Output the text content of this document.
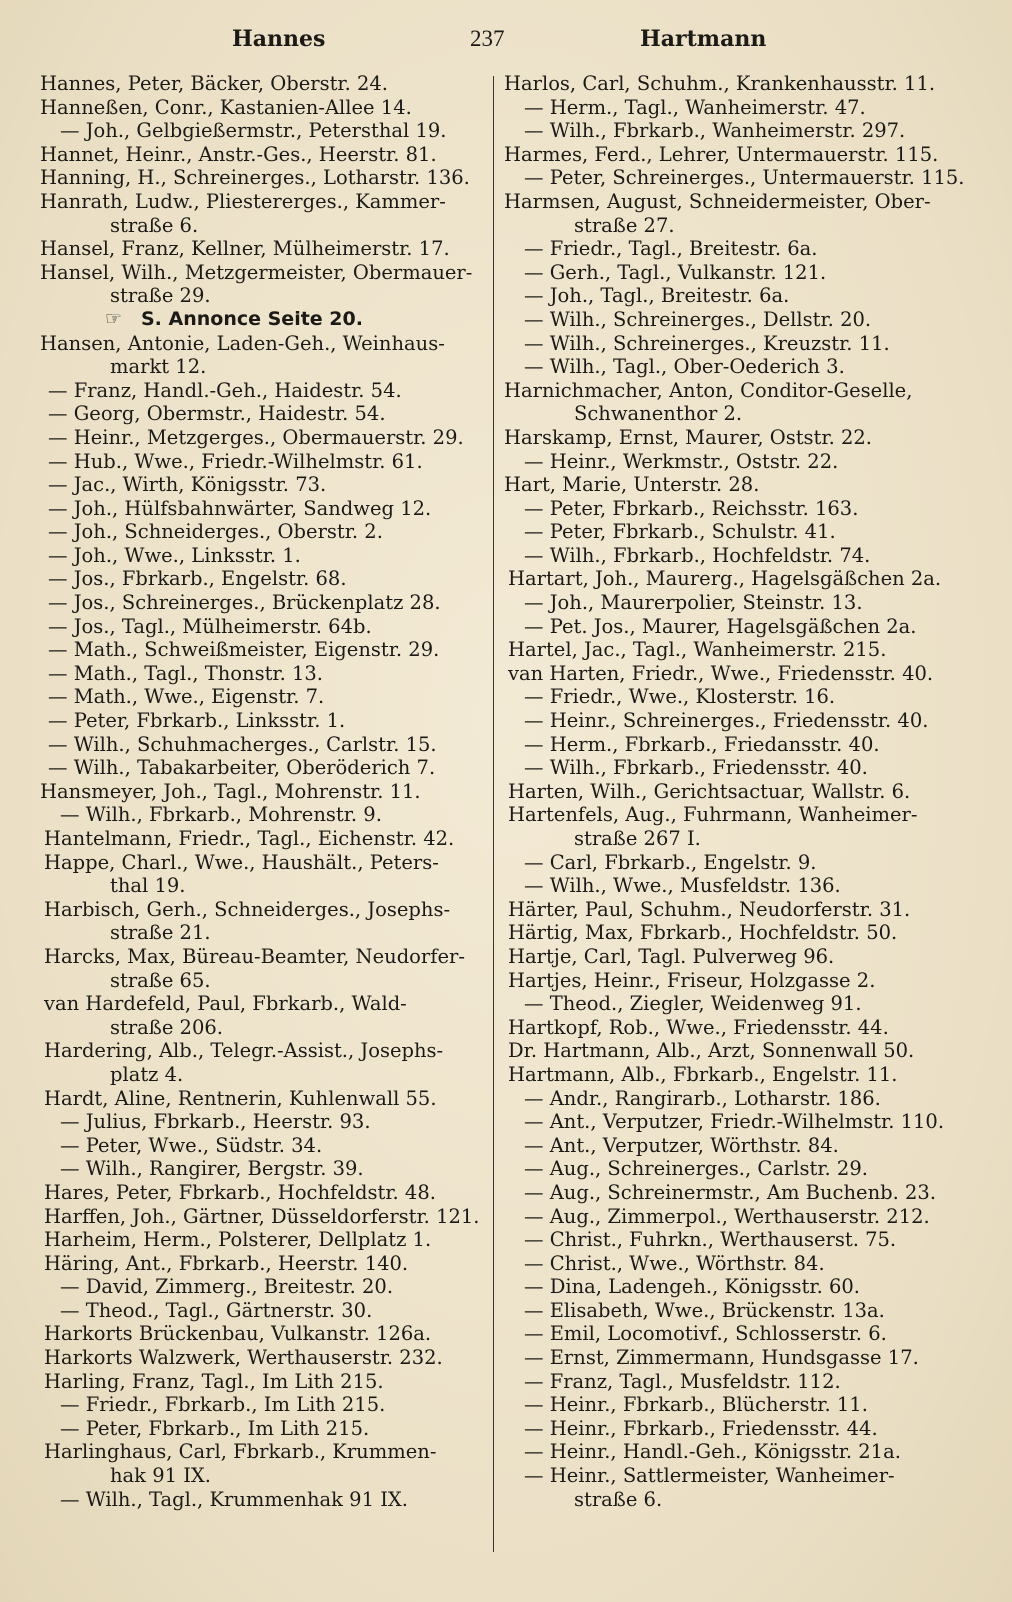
Hannes	237	Hartmann
Hannes, Peter, Bäcker, Oberstr. 24.
Hanneßen, Conr., Kastanien-Allee 14.
— Joh., Gelbgießermstr., Petersthal 19.
Hannet, Heinr., Anstr.-Ges., Heerstr. 81.
Hanning, H., Schreinerges., Lotharstr. 136.
Hanrath, Ludw., Pliestererges., Kammer-
straße 6.
Hansel, Franz, Kellner, Mülheimerstr. 17.
Hansel, Wilh., Metzgermeister, Obermauer-
straße 29.
☞ S. Annonce Seite 20.
Hansen, Antonie, Laden-Geh., Weinhaus-
markt 12.
— Franz, Handl.-Geh., Haidestr. 54.
— Georg, Obermstr., Haidestr. 54.
— Heinr., Metzgerges., Obermauerstr. 29.
— Hub., Wwe., Friedr.-Wilhelmstr. 61.
— Jac., Wirth, Königsstr. 73.
— Joh., Hülfsbahnwärter, Sandweg 12.
— Joh., Schneiderges., Oberstr. 2.
— Joh., Wwe., Linksstr. 1.
— Jos., Fbrkarb., Engelstr. 68.
— Jos., Schreinerges., Brückenplatz 28.
— Jos., Tagl., Mülheimerstr. 64b.
— Math., Schweißmeister, Eigenstr. 29.
— Math., Tagl., Thonstr. 13.
— Math., Wwe., Eigenstr. 7.
— Peter, Fbrkarb., Linksstr. 1.
— Wilh., Schuhmacherges., Carlstr. 15.
— Wilh., Tabakarbeiter, Oberöderich 7.
Hansmeyer, Joh., Tagl., Mohrenstr. 11.
— Wilh., Fbrkarb., Mohrenstr. 9.
Hantelmann, Friedr., Tagl., Eichenstr. 42.
Happe, Charl., Wwe., Haushält., Peters-
thal 19.
Harbisch, Gerh., Schneiderges., Josephs-
straße 21.
Harcks, Max, Büreau-Beamter, Neudorfer-
straße 65.
van Hardefeld, Paul, Fbrkarb., Wald-
straße 206.
Hardering, Alb., Telegr.-Assist., Josephs-
platz 4.
Hardt, Aline, Rentnerin, Kuhlenwall 55.
— Julius, Fbrkarb., Heerstr. 93.
— Peter, Wwe., Südstr. 34.
— Wilh., Rangirer, Bergstr. 39.
Hares, Peter, Fbrkarb., Hochfeldstr. 48.
Harffen, Joh., Gärtner, Düsseldorferstr. 121.
Harheim, Herm., Polsterer, Dellplatz 1.
Häring, Ant., Fbrkarb., Heerstr. 140.
— David, Zimmerg., Breitestr. 20.
— Theod., Tagl., Gärtnerstr. 30.
Harkorts Brückenbau, Vulkanstr. 126a.
Harkorts Walzwerk, Werthauserstr. 232.
Harling, Franz, Tagl., Im Lith 215.
— Friedr., Fbrkarb., Im Lith 215.
— Peter, Fbrkarb., Im Lith 215.
Harlinghaus, Carl, Fbrkarb., Krummen-
hak 91 IX.
— Wilh., Tagl., Krummenhak 91 IX.
Harlos, Carl, Schuhm., Krankenhausstr. 11.
— Herm., Tagl., Wanheimerstr. 47.
— Wilh., Fbrkarb., Wanheimerstr. 297.
Harmes, Ferd., Lehrer, Untermauerstr. 115.
— Peter, Schreinerges., Untermauerstr. 115.
Harmsen, August, Schneidermeister, Ober-
straße 27.
— Friedr., Tagl., Breitestr. 6a.
— Gerh., Tagl., Vulkanstr. 121.
— Joh., Tagl., Breitestr. 6a.
— Wilh., Schreinerges., Dellstr. 20.
— Wilh., Schreinerges., Kreuzstr. 11.
— Wilh., Tagl., Ober-Oederich 3.
Harnichmacher, Anton, Conditor-Geselle,
Schwanenthor 2.
Harskamp, Ernst, Maurer, Oststr. 22.
— Heinr., Werkmstr., Oststr. 22.
Hart, Marie, Unterstr. 28.
— Peter, Fbrkarb., Reichsstr. 163.
— Peter, Fbrkarb., Schulstr. 41.
— Wilh., Fbrkarb., Hochfeldstr. 74.
Hartart, Joh., Maurerg., Hagelsgäßchen 2a.
— Joh., Maurerpolier, Steinstr. 13.
— Pet. Jos., Maurer, Hagelsgäßchen 2a.
Hartel, Jac., Tagl., Wanheimerstr. 215.
van Harten, Friedr., Wwe., Friedensstr. 40.
— Friedr., Wwe., Klosterstr. 16.
— Heinr., Schreinerges., Friedensstr. 40.
— Herm., Fbrkarb., Friedansstr. 40.
— Wilh., Fbrkarb., Friedensstr. 40.
Harten, Wilh., Gerichtsactuar, Wallstr. 6.
Hartenfels, Aug., Fuhrmann, Wanheimer-
straße 267 I.
— Carl, Fbrkarb., Engelstr. 9.
— Wilh., Wwe., Musfeldstr. 136.
Härter, Paul, Schuhm., Neudorferstr. 31.
Härtig, Max, Fbrkarb., Hochfeldstr. 50.
Hartje, Carl, Tagl. Pulverweg 96.
Hartjes, Heinr., Friseur, Holzgasse 2.
— Theod., Ziegler, Weidenweg 91.
Hartkopf, Rob., Wwe., Friedensstr. 44.
Dr. Hartmann, Alb., Arzt, Sonnenwall 50.
Hartmann, Alb., Fbrkarb., Engelstr. 11.
— Andr., Rangirarb., Lotharstr. 186.
— Ant., Verputzer, Friedr.-Wilhelmstr. 110.
— Ant., Verputzer, Wörthstr. 84.
— Aug., Schreinerges., Carlstr. 29.
— Aug., Schreinermstr., Am Buchenb. 23.
— Aug., Zimmerpol., Werthauserstr. 212.
— Christ., Fuhrkn., Werthauserst. 75.
— Christ., Wwe., Wörthstr. 84.
— Dina, Ladengeh., Königsstr. 60.
— Elisabeth, Wwe., Brückenstr. 13a.
— Emil, Locomotivf., Schlosserstr. 6.
— Ernst, Zimmermann, Hundsgasse 17.
— Franz, Tagl., Musfeldstr. 112.
— Heinr., Fbrkarb., Blücherstr. 11.
— Heinr., Fbrkarb., Friedensstr. 44.
— Heinr., Handl.-Geh., Königsstr. 21a.
— Heinr., Sattlermeister, Wanheimer-
straße 6.
